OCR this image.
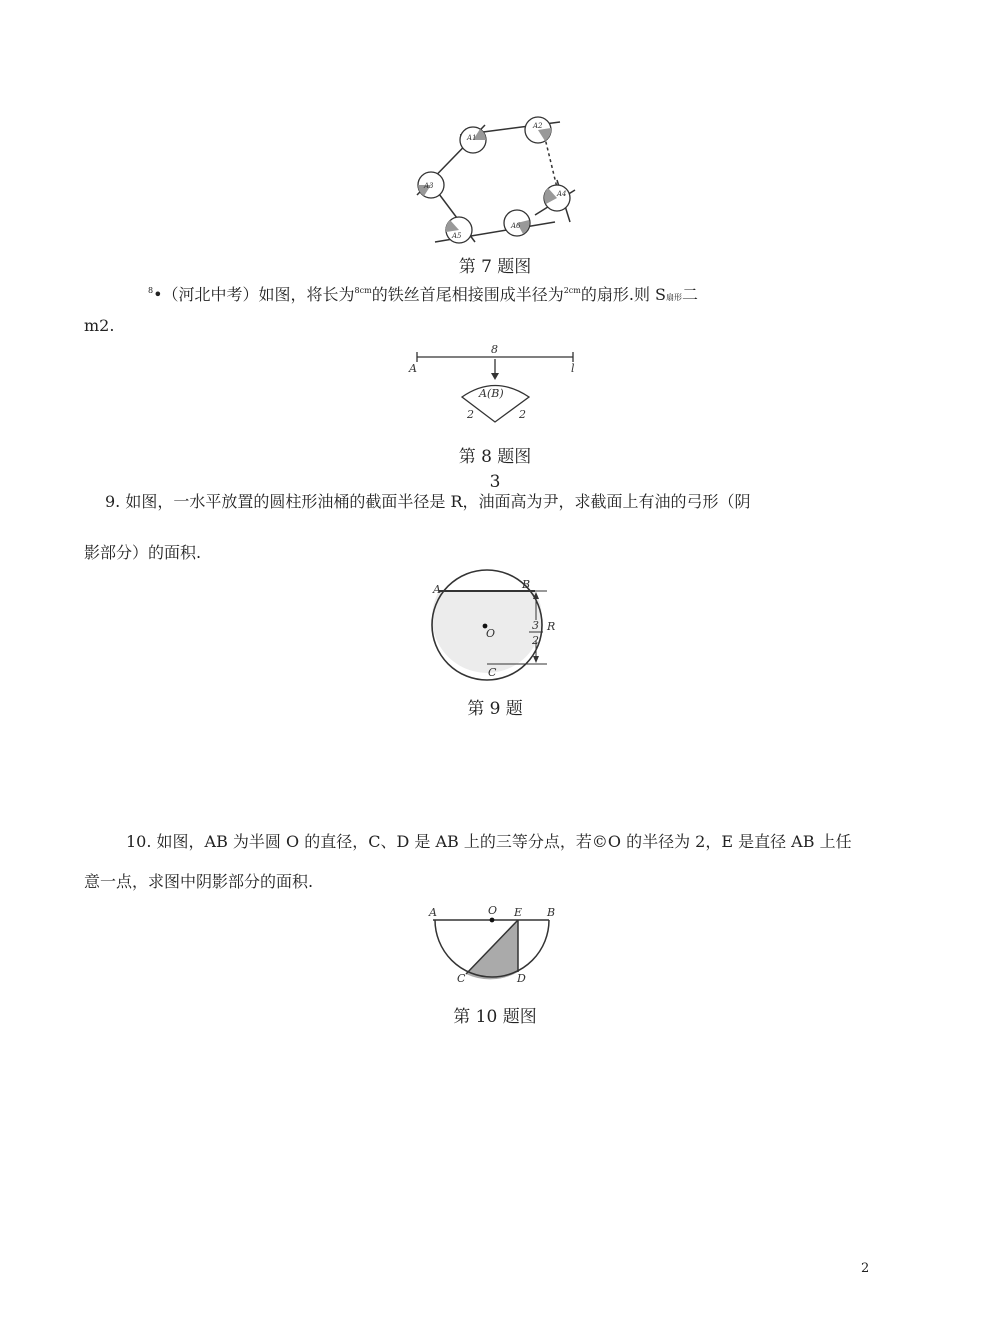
A1
A2
A3
A4
A5
A6
第 7 题图
$^8$•（河北中考）如图，将长为$^{8cm}$的铁丝首尾相接围成半径为$^{2cm}$的扇形.则 S扇形二
m2.
8
A	l
A(B)
2	2
第 8 题图
3
9. 如图，一水平放置的圆柱形油桶的截面半径是 R，油面高为尹，求截面上有油的弓形（阴
影部分）的面积.
A	B
C
O
3
2
R
第 9 题
10. 如图，AB 为半圆 O 的直径，C、D 是 AB 上的三等分点，若©O 的半径为 2，E 是直径 AB 上任
意一点，求图中阴影部分的面积.
A	O E B
C	D
第 10 题图
2
